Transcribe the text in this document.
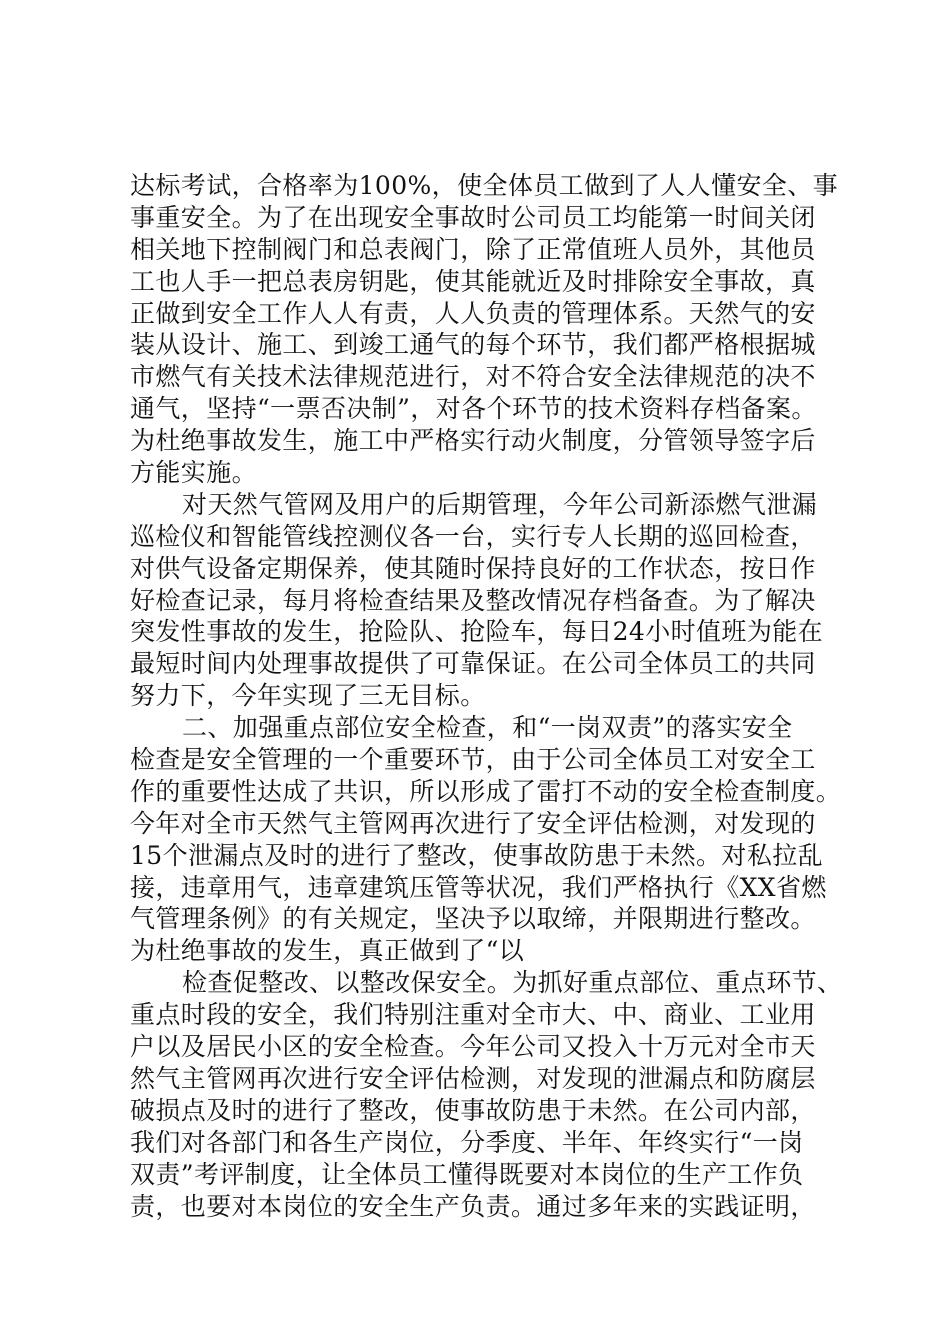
达标考试，合格率为100%，使全体员工做到了人人懂安全、事
事重安全。为了在出现安全事故时公司员工均能第一时间关闭
相关地下控制阀门和总表阀门，除了正常值班人员外，其他员
工也人手一把总表房钥匙，使其能就近及时排除安全事故，真
正做到安全工作人人有责，人人负责的管理体系。天然气的安
装从设计、施工、到竣工通气的每个环节，我们都严格根据城
市燃气有关技术法律规范进行，对不符合安全法律规范的决不
通气，坚持“一票否决制”，对各个环节的技术资料存档备案。
为杜绝事故发生，施工中严格实行动火制度，分管领导签字后
方能实施。
对天然气管网及用户的后期管理，今年公司新添燃气泄漏
巡检仪和智能管线控测仪各一台，实行专人长期的巡回检查，
对供气设备定期保养，使其随时保持良好的工作状态，按日作
好检查记录，每月将检查结果及整改情况存档备查。为了解决
突发性事故的发生，抢险队、抢险车，每日24小时值班为能在
最短时间内处理事故提供了可靠保证。在公司全体员工的共同
努力下，今年实现了三无目标。
二、加强重点部位安全检查，和“一岗双责”的落实安全
检查是安全管理的一个重要环节，由于公司全体员工对安全工
作的重要性达成了共识，所以形成了雷打不动的安全检查制度。
今年对全市天然气主管网再次进行了安全评估检测，对发现的
15个泄漏点及时的进行了整改，使事故防患于未然。对私拉乱
接，违章用气，违章建筑压管等状况，我们严格执行《XX省燃
气管理条例》的有关规定，坚决予以取缔，并限期进行整改。
为杜绝事故的发生，真正做到了“以
检查促整改、以整改保安全。为抓好重点部位、重点环节、
重点时段的安全，我们特别注重对全市大、中、商业、工业用
户以及居民小区的安全检查。今年公司又投入十万元对全市天
然气主管网再次进行安全评估检测，对发现的泄漏点和防腐层
破损点及时的进行了整改，使事故防患于未然。在公司内部，
我们对各部门和各生产岗位，分季度、半年、年终实行“一岗
双责”考评制度，让全体员工懂得既要对本岗位的生产工作负
责，也要对本岗位的安全生产负责。通过多年来的实践证明，
